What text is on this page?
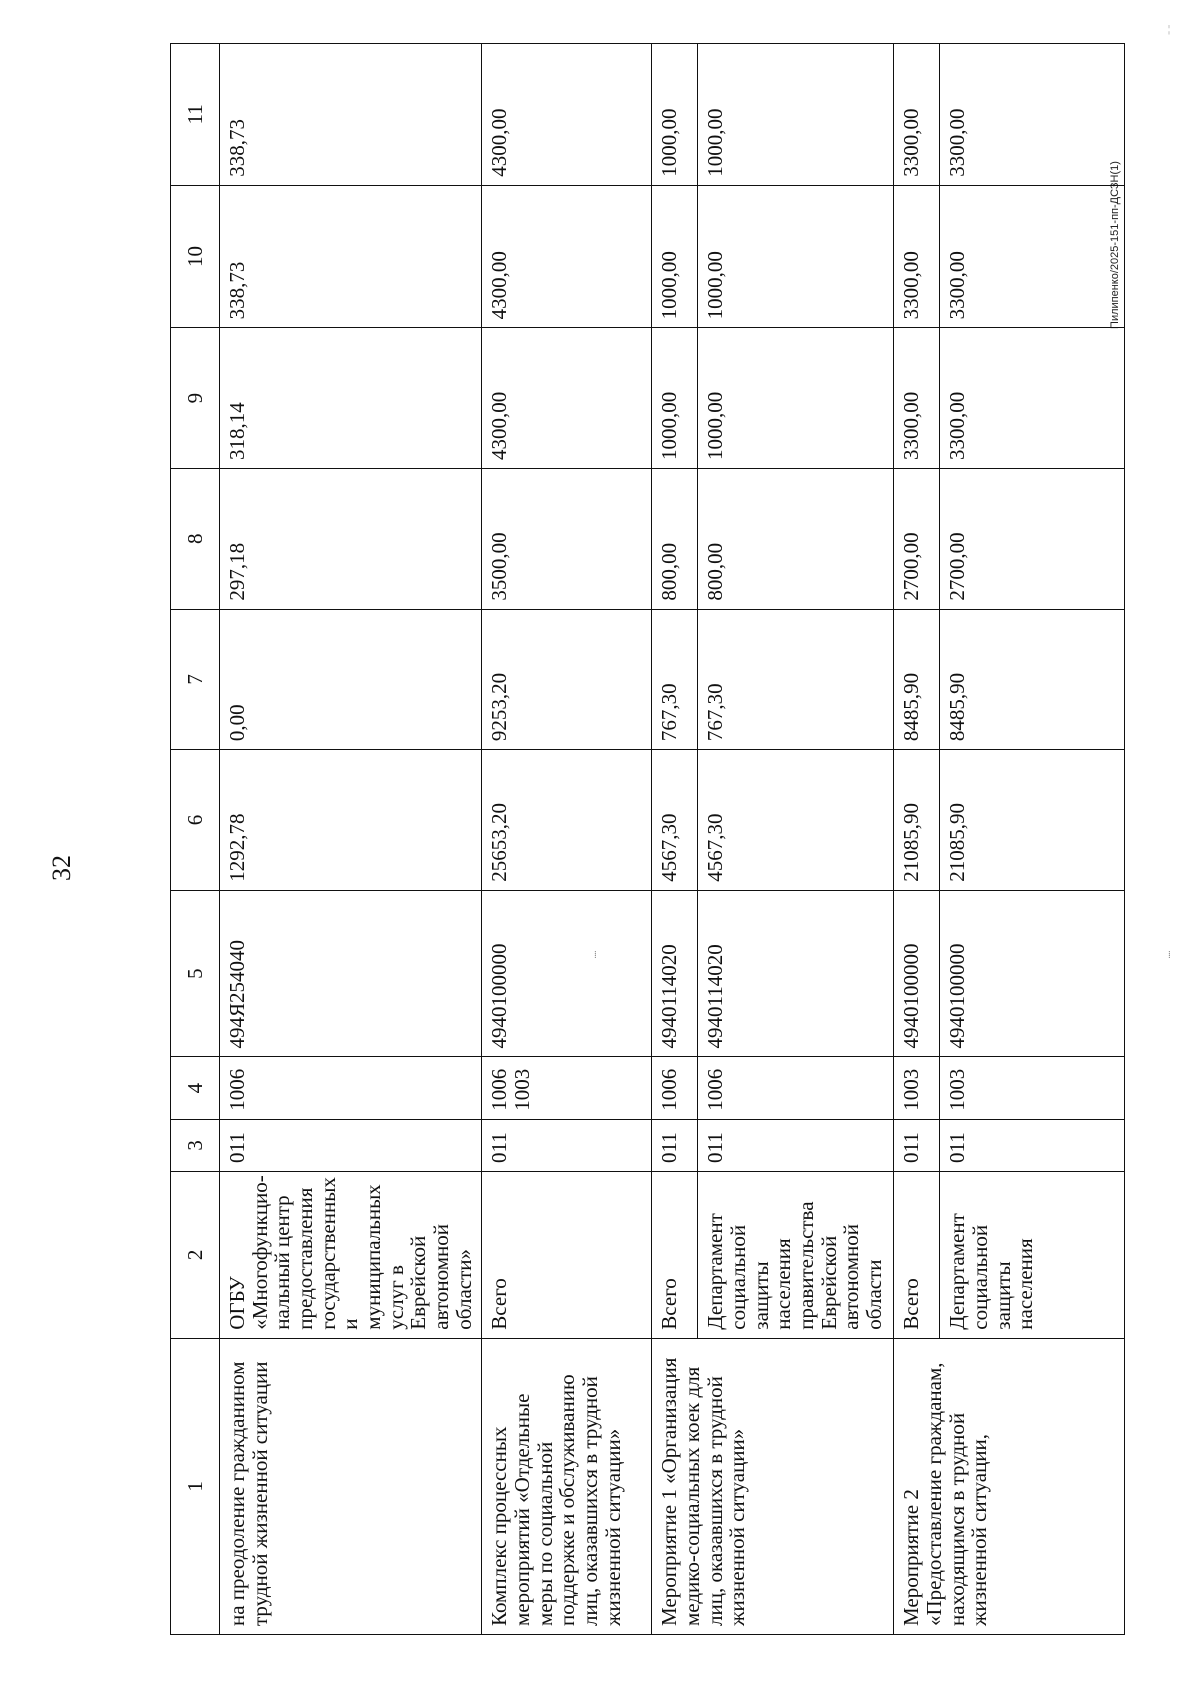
32
Пилипенко/2025-151-пп-ДСЗН(1)
¦
⁞
⁞
1	2	3	4	5	6	7	8	9	10	11
на преодоление гражданином трудной жизненной ситуации	ОГБУ «Многофункцио-нальный центр предоставления государственных и муниципальных услуг в Еврейской автономной области»	011	1006	494Я254040	1292,78	0,00	297,18	318,14	338,73	338,73
Комплекс процессных мероприятий «Отдельные меры по социальной поддержке и обслуживанию лиц, оказавшихся в трудной жизненной ситуации»	Всего	011	1006 1003	4940100000	25653,20	9253,20	3500,00	4300,00	4300,00	4300,00
Мероприятие 1 «Организация медико-социальных коек для лиц, оказавшихся в трудной жизненной ситуации»	Всего	011	1006	4940114020	4567,30	767,30	800,00	1000,00	1000,00	1000,00
	Департамент социальной защиты населения правительства Еврейской автономной области	011	1006	4940114020	4567,30	767,30	800,00	1000,00	1000,00	1000,00
Мероприятие 2 «Предоставление гражданам, находящимся в трудной жизненной ситуации,	Всего	011	1003	4940100000	21085,90	8485,90	2700,00	3300,00	3300,00	3300,00
	Департамент социальной защиты населения	011	1003	4940100000	21085,90	8485,90	2700,00	3300,00	3300,00	3300,00
